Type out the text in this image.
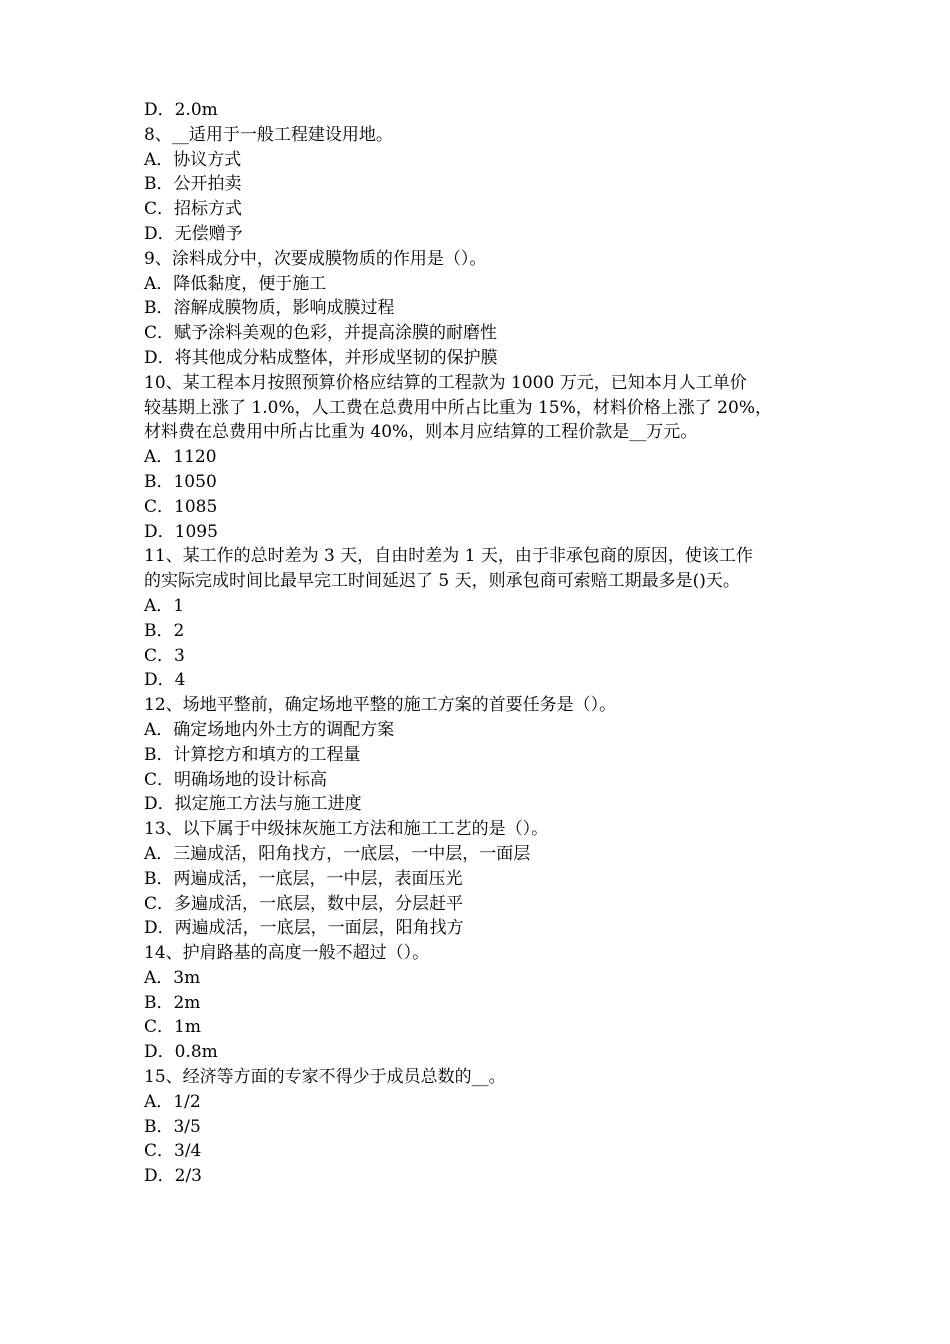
D．2.0m
8、__适用于一般工程建设用地。
A．协议方式
B．公开拍卖
C．招标方式
D．无偿赠予
9、涂料成分中，次要成膜物质的作用是（）。
A．降低黏度，便于施工
B．溶解成膜物质，影响成膜过程
C．赋予涂料美观的色彩，并提高涂膜的耐磨性
D．将其他成分粘成整体，并形成坚韧的保护膜
10、某工程本月按照预算价格应结算的工程款为 1000 万元，已知本月人工单价
较基期上涨了 1.0%，人工费在总费用中所占比重为 15%，材料价格上涨了 20%，
材料费在总费用中所占比重为 40%，则本月应结算的工程价款是__万元。
A．1120
B．1050
C．1085
D．1095
11、某工作的总时差为 3 天，自由时差为 1 天，由于非承包商的原因，使该工作
的实际完成时间比最早完工时间延迟了 5 天，则承包商可索赔工期最多是()天。
A．1
B．2
C．3
D．4
12、场地平整前，确定场地平整的施工方案的首要任务是（）。
A．确定场地内外土方的调配方案
B．计算挖方和填方的工程量
C．明确场地的设计标高
D．拟定施工方法与施工进度
13、以下属于中级抹灰施工方法和施工工艺的是（）。
A．三遍成活，阳角找方，一底层，一中层，一面层
B．两遍成活，一底层，一中层，表面压光
C．多遍成活，一底层，数中层，分层赶平
D．两遍成活，一底层，一面层，阳角找方
14、护肩路基的高度一般不超过（）。
A．3m
B．2m
C．1m
D．0.8m
15、经济等方面的专家不得少于成员总数的__。
A．1/2
B．3/5
C．3/4
D．2/3
